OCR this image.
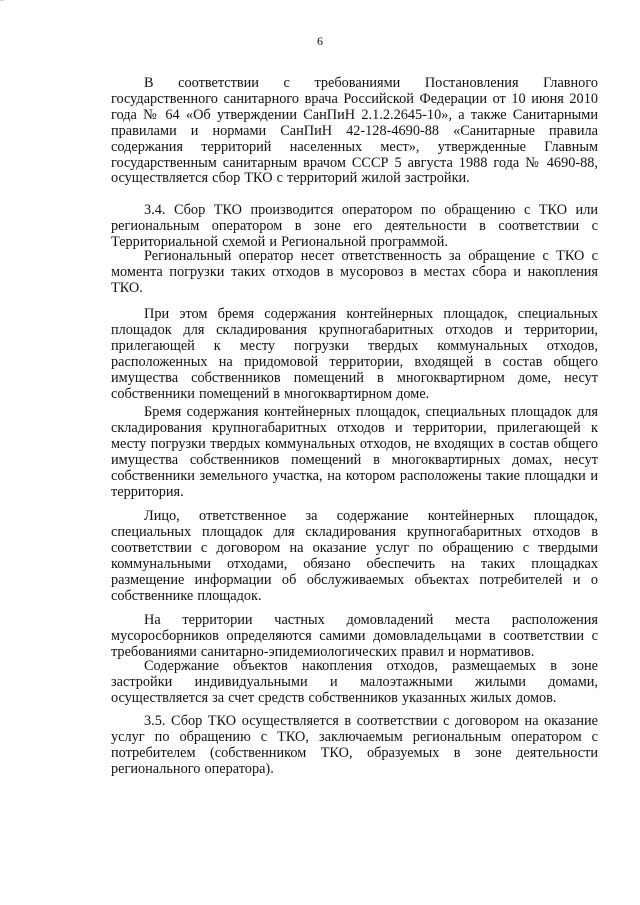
6

В соответствии с требованиями Постановления Главного государственного санитарного врача Российской Федерации от 10 июня 2010 года № 64 «Об утверждении СанПиН 2.1.2.2645-10», а также Санитарными правилами и нормами СанПиН 42-128-4690-88 «Санитарные правила содержания территорий населенных мест», утвержденные Главным государственным санитарным врачом СССР 5 августа 1988 года № 4690-88, осуществляется сбор ТКО с территорий жилой застройки.

3.4. Сбор ТКО производится оператором по обращению с ТКО или региональным оператором в зоне его деятельности в соответствии с Территориальной схемой и Региональной программой.

Региональный оператор несет ответственность за обращение с ТКО с момента погрузки таких отходов в мусоровоз в местах сбора и накопления ТКО.

При этом бремя содержания контейнерных площадок, специальных площадок для складирования крупногабаритных отходов и территории, прилегающей к месту погрузки твердых коммунальных отходов, расположенных на придомовой территории, входящей в состав общего имущества собственников помещений в многоквартирном доме, несут собственники помещений в многоквартирном доме.

Бремя содержания контейнерных площадок, специальных площадок для складирования крупногабаритных отходов и территории, прилегающей к месту погрузки твердых коммунальных отходов, не входящих в состав общего имущества собственников помещений в многоквартирных домах, несут собственники земельного участка, на котором расположены такие площадки и территория.

Лицо, ответственное за содержание контейнерных площадок, специальных площадок для складирования крупногабаритных отходов в соответствии с договором на оказание услуг по обращению с твердыми коммунальными отходами, обязано обеспечить на таких площадках размещение информации об обслуживаемых объектах потребителей и о собственнике площадок.

На территории частных домовладений места расположения мусоросборников определяются самими домовладельцами в соответствии с требованиями санитарно-эпидемиологических правил и нормативов.

Содержание объектов накопления отходов, размещаемых в зоне застройки индивидуальными и малоэтажными жилыми домами, осуществляется за счет средств собственников указанных жилых домов.

3.5. Сбор ТКО осуществляется в соответствии с договором на оказание услуг по обращению с ТКО, заключаемым региональным оператором с потребителем (собственником ТКО, образуемых в зоне деятельности регионального оператора).
